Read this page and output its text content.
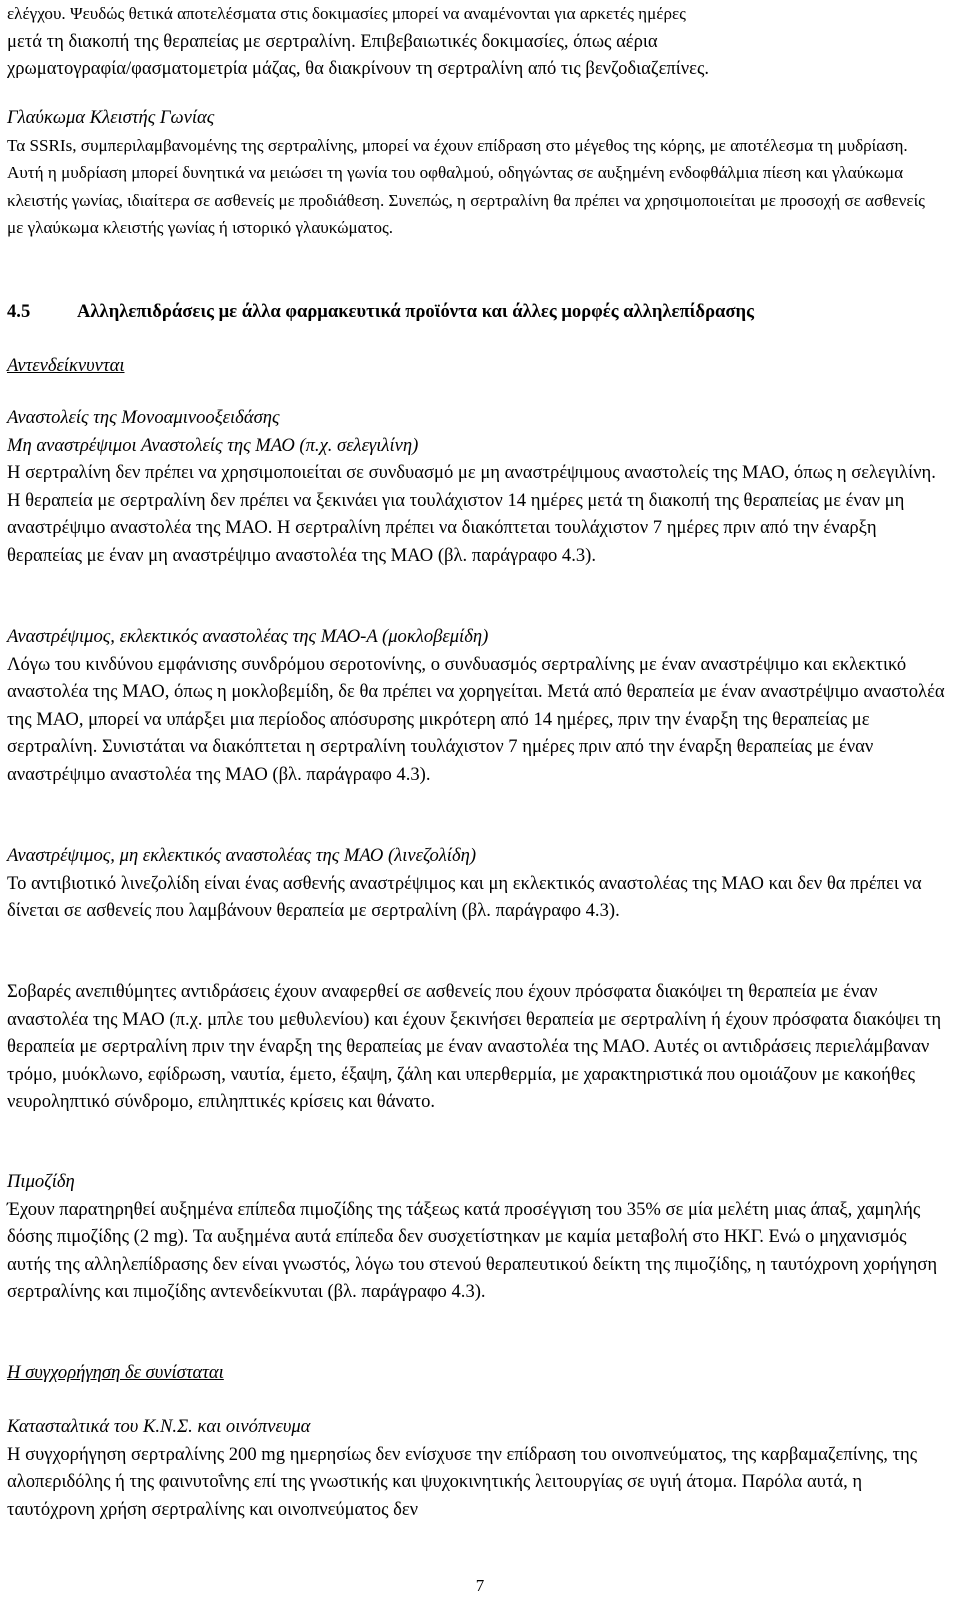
ελέγχου. Ψευδώς θετικά αποτελέσματα στις δοκιμασίες μπορεί να αναμένονται για αρκετές ημέρες

μετά τη διακοπή της θεραπείας με σερτραλίνη. Επιβεβαιωτικές δοκιμασίες, όπως αέρια

χρωματογραφία/φασματομετρία μάζας, θα διακρίνουν τη σερτραλίνη από τις βενζοδιαζεπίνες.

Γλαύκωμα Κλειστής Γωνίας

Τα SSRIs, συμπεριλαμβανομένης της σερτραλίνης, μπορεί να έχουν επίδραση στο μέγεθος της κόρης, με αποτέλεσμα τη μυδρίαση. Αυτή η μυδρίαση μπορεί δυνητικά να μειώσει τη γωνία του οφθαλμού, οδηγώντας σε αυξημένη ενδοφθάλμια πίεση και γλαύκωμα κλειστής γωνίας, ιδιαίτερα σε ασθενείς με προδιάθεση. Συνεπώς, η σερτραλίνη θα πρέπει να χρησιμοποιείται με προσοχή σε ασθενείς με γλαύκωμα κλειστής γωνίας ή ιστορικό γλαυκώματος.

4.5	Αλληλεπιδράσεις με άλλα φαρμακευτικά προϊόντα και άλλες μορφές αλληλεπίδρασης

Αντενδείκνυνται

Αναστολείς της Μονοαμινοοξειδάσης

Μη αναστρέψιμοι Αναστολείς της ΜΑΟ (π.χ. σελεγιλίνη)

Η σερτραλίνη δεν πρέπει να χρησιμοποιείται σε συνδυασμό με μη αναστρέψιμους αναστολείς της ΜΑΟ, όπως η σελεγιλίνη. Η θεραπεία με σερτραλίνη δεν πρέπει να ξεκινάει για τουλάχιστον 14 ημέρες μετά τη διακοπή της θεραπείας με έναν μη αναστρέψιμο αναστολέα της ΜΑΟ. Η σερτραλίνη πρέπει να διακόπτεται τουλάχιστον 7 ημέρες πριν από την έναρξη θεραπείας με έναν μη αναστρέψιμο αναστολέα της ΜΑΟ (βλ. παράγραφο 4.3).

Αναστρέψιμος, εκλεκτικός αναστολέας της ΜΑΟ-Α (μοκλοβεμίδη)

Λόγω του κινδύνου εμφάνισης συνδρόμου σεροτονίνης, ο συνδυασμός σερτραλίνης με έναν αναστρέψιμο και εκλεκτικό αναστολέα της ΜΑΟ, όπως η μοκλοβεμίδη, δε θα πρέπει να χορηγείται. Μετά από θεραπεία με έναν αναστρέψιμο αναστολέα της ΜΑΟ, μπορεί να υπάρξει μια περίοδος απόσυρσης μικρότερη από 14 ημέρες, πριν την έναρξη της θεραπείας με σερτραλίνη. Συνιστάται να διακόπτεται η σερτραλίνη τουλάχιστον 7 ημέρες πριν από την έναρξη θεραπείας με έναν αναστρέψιμο αναστολέα της ΜΑΟ (βλ. παράγραφο 4.3).

Αναστρέψιμος, μη εκλεκτικός αναστολέας της ΜΑΟ (λινεζολίδη)

Το αντιβιοτικό λινεζολίδη είναι ένας ασθενής αναστρέψιμος και μη εκλεκτικός αναστολέας της ΜΑΟ και δεν θα πρέπει να δίνεται σε ασθενείς που λαμβάνουν θεραπεία με σερτραλίνη (βλ. παράγραφο 4.3).

Σοβαρές ανεπιθύμητες αντιδράσεις έχουν αναφερθεί σε ασθενείς που έχουν πρόσφατα διακόψει τη θεραπεία με έναν αναστολέα της ΜΑΟ (π.χ. μπλε του μεθυλενίου) και έχουν ξεκινήσει θεραπεία με σερτραλίνη ή έχουν πρόσφατα διακόψει τη θεραπεία με σερτραλίνη πριν την έναρξη της θεραπείας με έναν αναστολέα της ΜΑΟ. Αυτές οι αντιδράσεις περιελάμβαναν τρόμο, μυόκλωνο, εφίδρωση, ναυτία, έμετο, έξαψη, ζάλη και υπερθερμία, με χαρακτηριστικά που ομοιάζουν με κακοήθες νευροληπτικό σύνδρομο, επιληπτικές κρίσεις και θάνατο.

Πιμοζίδη

Έχουν παρατηρηθεί αυξημένα επίπεδα πιμοζίδης της τάξεως κατά προσέγγιση του 35% σε μία μελέτη μιας άπαξ, χαμηλής δόσης πιμοζίδης (2 mg). Τα αυξημένα αυτά επίπεδα δεν συσχετίστηκαν με καμία μεταβολή στο ΗΚΓ. Ενώ ο μηχανισμός αυτής της αλληλεπίδρασης δεν είναι γνωστός, λόγω του στενού θεραπευτικού δείκτη της πιμοζίδης, η ταυτόχρονη χορήγηση σερτραλίνης και πιμοζίδης αντενδείκνυται (βλ. παράγραφο 4.3).

Η συγχορήγηση δε συνίσταται

Κατασταλτικά του Κ.Ν.Σ. και οινόπνευμα

Η συγχορήγηση σερτραλίνης 200 mg ημερησίως δεν ενίσχυσε την επίδραση του οινοπνεύματος, της καρβαμαζεπίνης, της αλοπεριδόλης ή της φαινυτοΐνης επί της γνωστικής και ψυχοκινητικής λειτουργίας σε υγιή άτομα. Παρόλα αυτά, η ταυτόχρονη χρήση σερτραλίνης και οινοπνεύματος δεν

7
